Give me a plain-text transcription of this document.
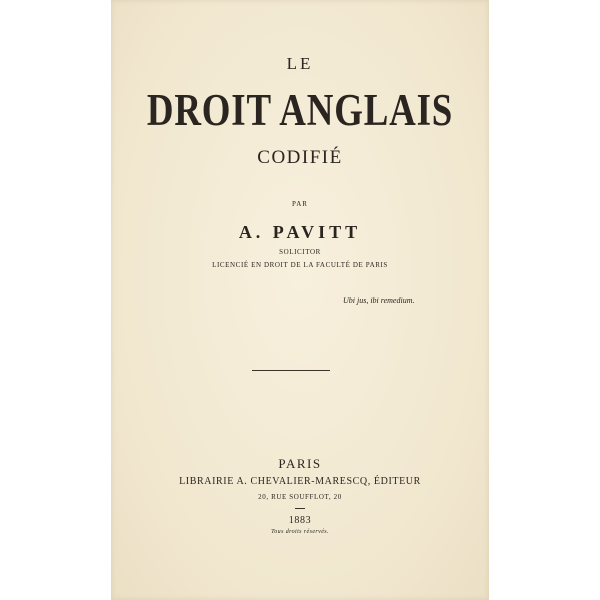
LE
DROIT ANGLAIS
CODIFIÉ
PAR
A. PAVITT
SOLICITOR
LICENCIÉ EN DROIT DE LA FACULTÉ DE PARIS
Ubi jus, ibi remedium.
PARIS
LIBRAIRIE A. CHEVALIER-MARESCQ, ÉDITEUR
20, RUE SOUFFLOT, 20
1883
Tous droits réservés.
